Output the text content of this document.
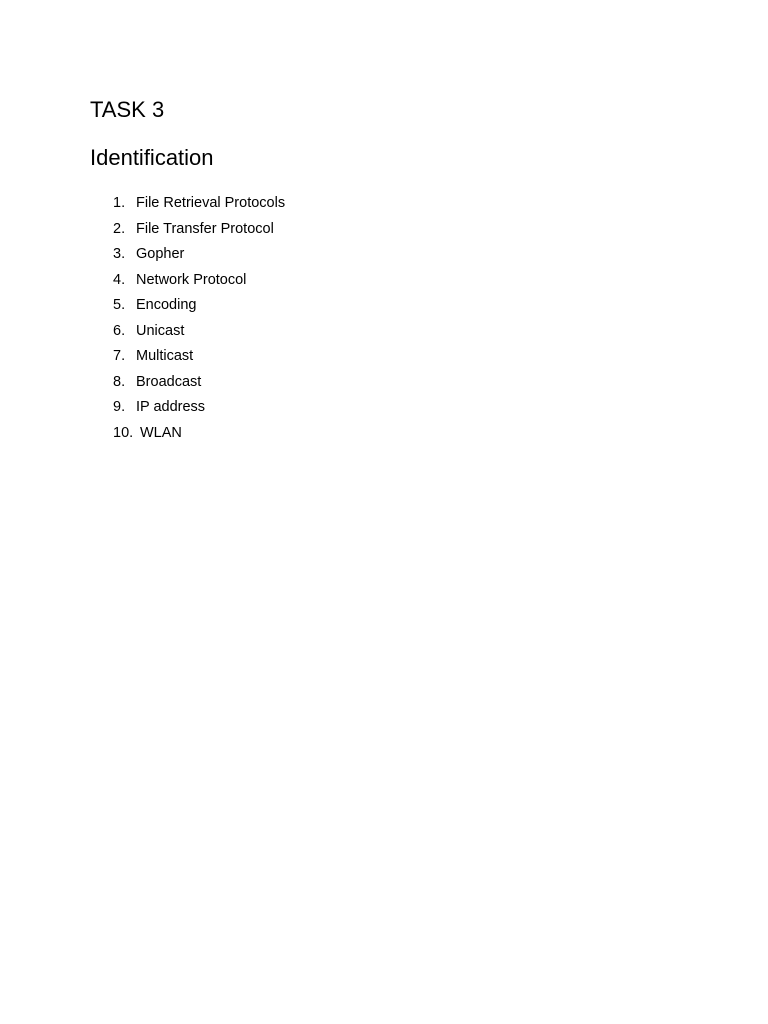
TASK 3
Identification
1. File Retrieval Protocols
2. File Transfer Protocol
3. Gopher
4. Network Protocol
5. Encoding
6. Unicast
7. Multicast
8. Broadcast
9. IP address
10. WLAN
